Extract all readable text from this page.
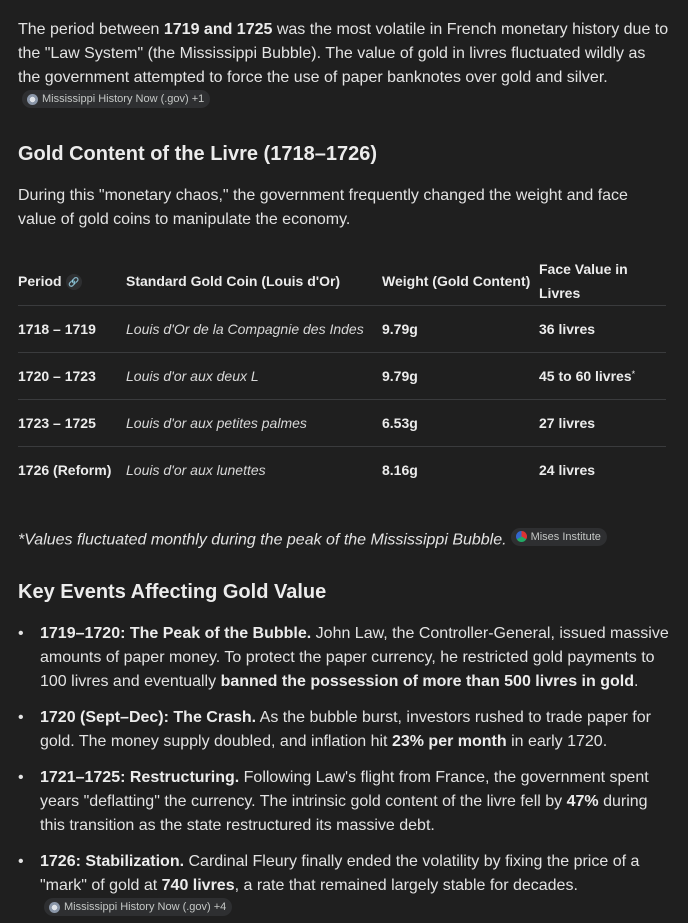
The period between 1719 and 1725 was the most volatile in French monetary history due to the "Law System" (the Mississippi Bubble). The value of gold in livres fluctuated wildly as the government attempted to force the use of paper banknotes over gold and silver.
Mississippi History Now (.gov) +1

Gold Content of the Livre (1718–1726)

During this "monetary chaos," the government frequently changed the weight and face value of gold coins to manipulate the economy.

Period 🔗	Standard Gold Coin (Louis d'Or)	Weight (Gold Content)	Face Value in Livres
1718 – 1719	Louis d'Or de la Compagnie des Indes	9.79g	36 livres
1720 – 1723	Louis d'or aux deux L	9.79g	45 to 60 livres*
1723 – 1725	Louis d'or aux petites palmes	6.53g	27 livres
1726 (Reform)	Louis d'or aux lunettes	8.16g	24 livres

*Values fluctuated monthly during the peak of the Mississippi Bubble. Mises Institute

Key Events Affecting Gold Value
• 1719–1720: The Peak of the Bubble. John Law, the Controller-General, issued massive amounts of paper money. To protect the paper currency, he restricted gold payments to 100 livres and eventually banned the possession of more than 500 livres in gold.
• 1720 (Sept–Dec): The Crash. As the bubble burst, investors rushed to trade paper for gold. The money supply doubled, and inflation hit 23% per month in early 1720.
• 1721–1725: Restructuring. Following Law's flight from France, the government spent years "deflatting" the currency. The intrinsic gold content of the livre fell by 47% during this transition as the state restructured its massive debt.
• 1726: Stabilization. Cardinal Fleury finally ended the volatility by fixing the price of a "mark" of gold at 740 livres, a rate that remained largely stable for decades.
Mississippi History Now (.gov) +4
